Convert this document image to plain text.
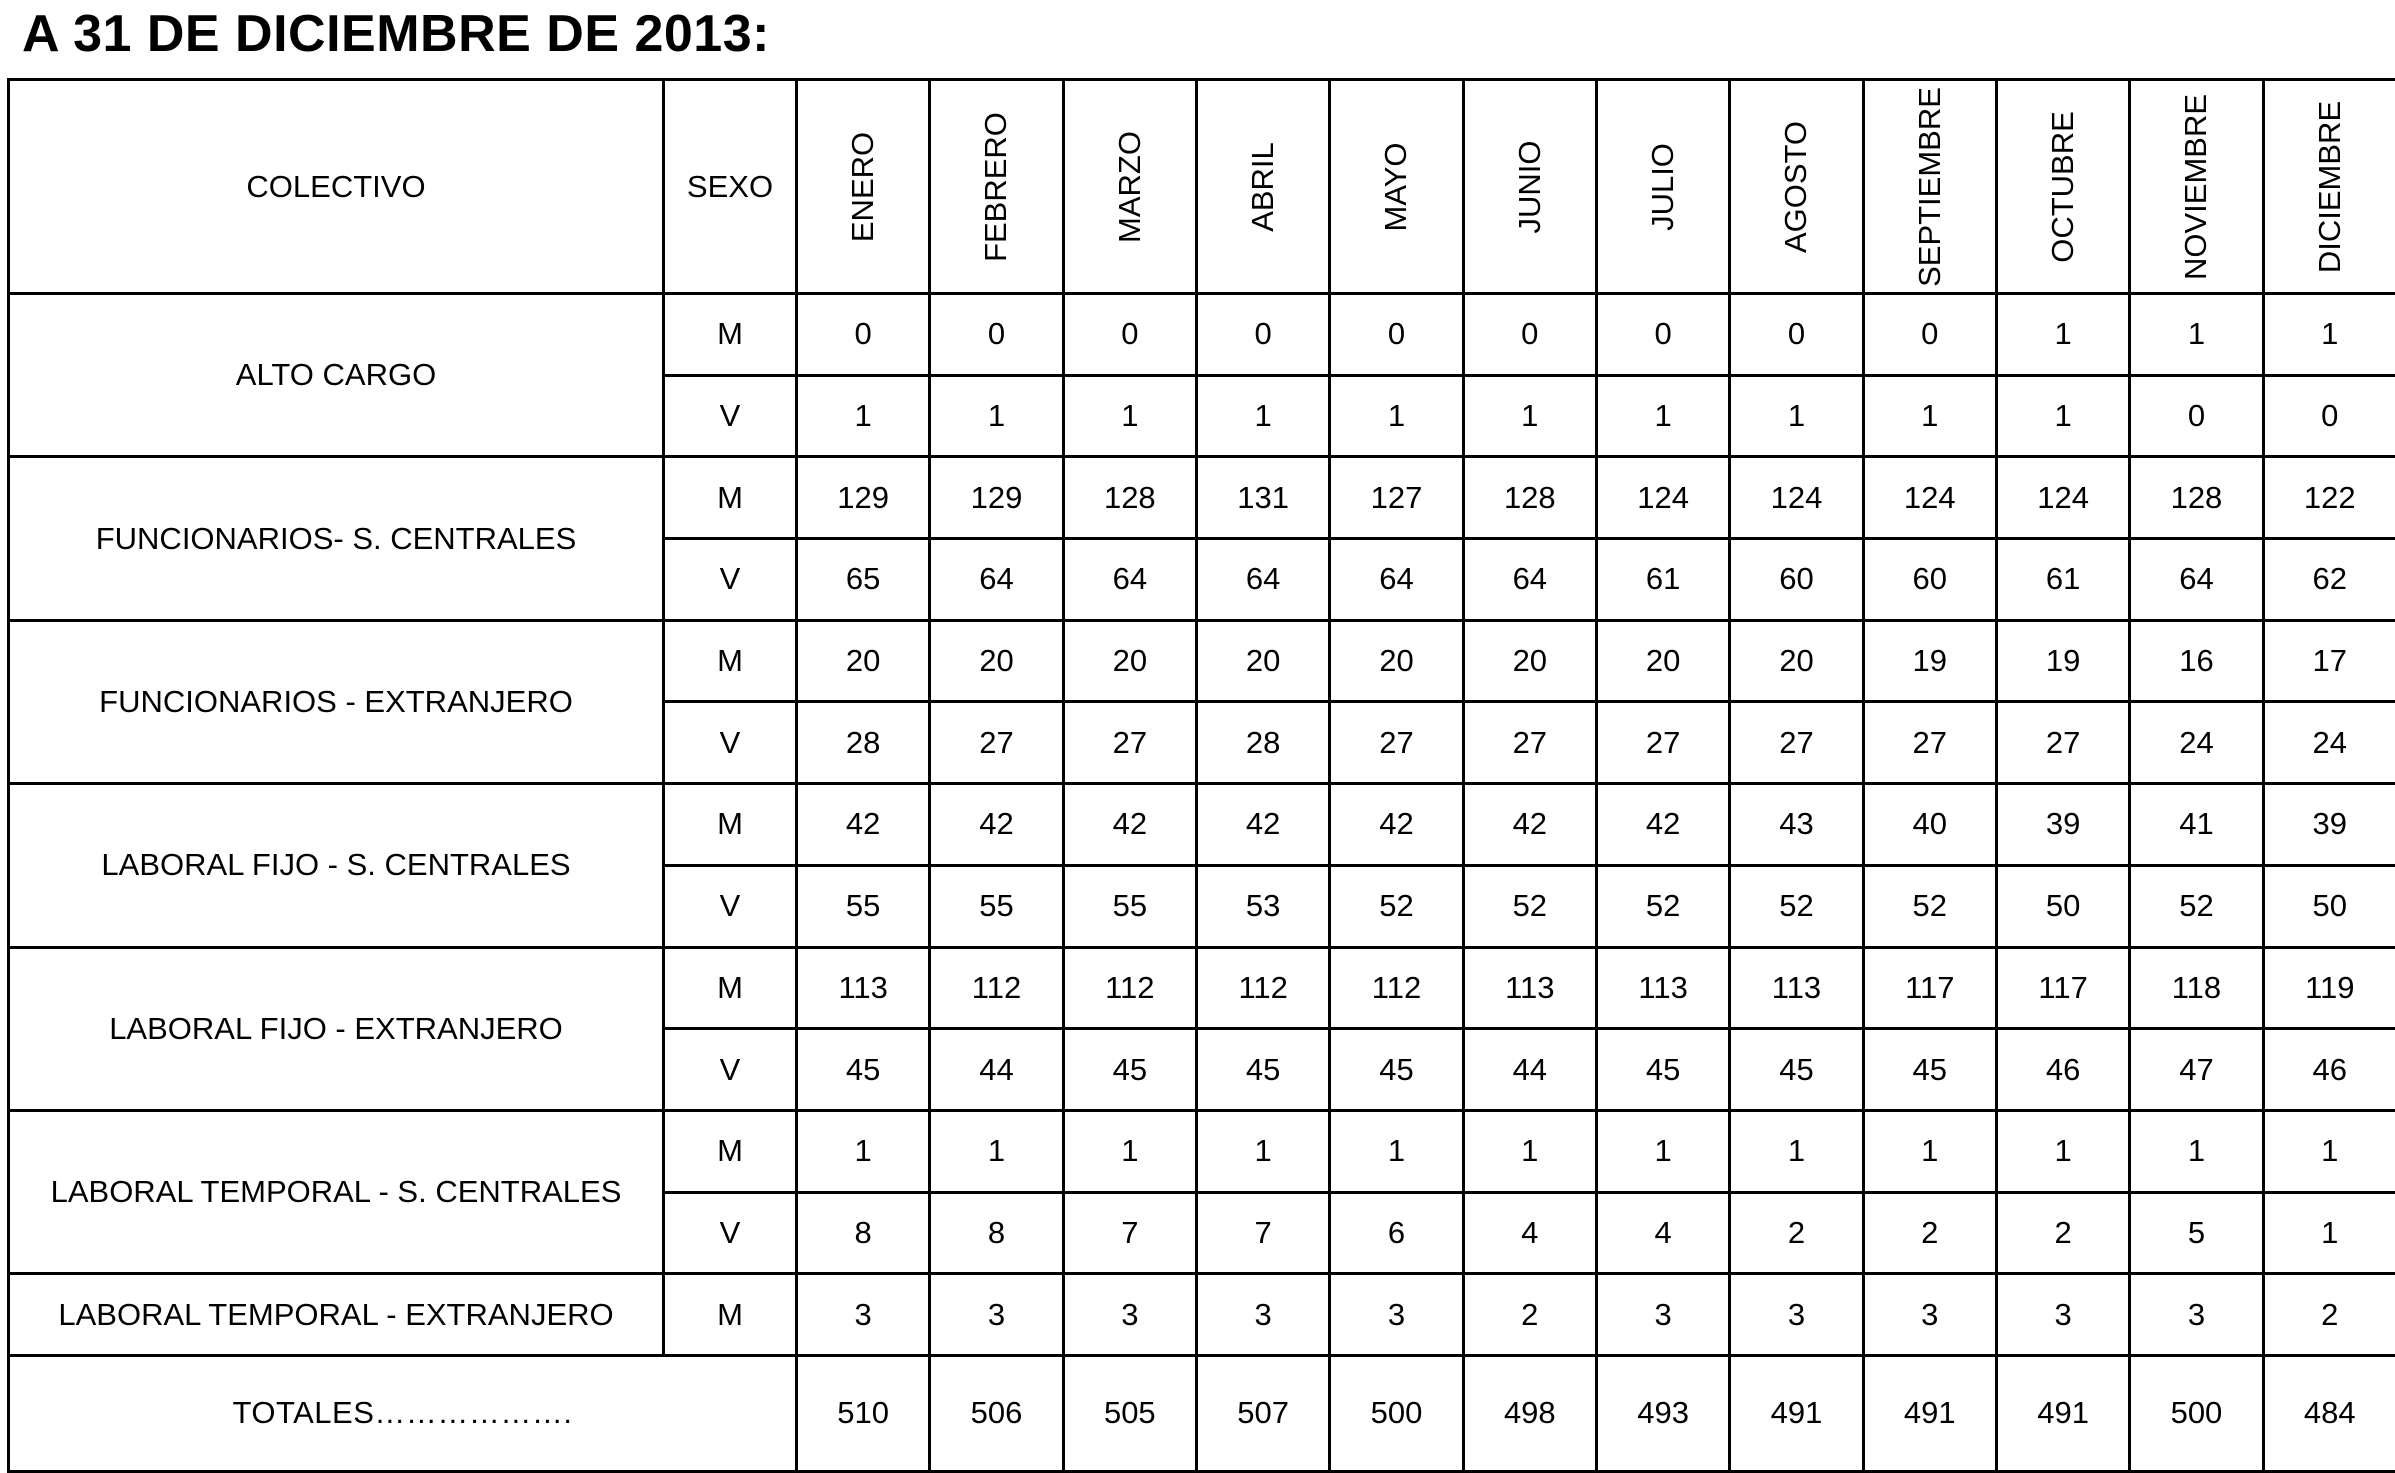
A 31 DE DICIEMBRE DE 2013:
COLECTIVO	SEXO	ENERO	FEBRERO	MARZO	ABRIL	MAYO	JUNIO	JULIO	AGOSTO	SEPTIEMBRE	OCTUBRE	NOVIEMBRE	DICIEMBRE

ALTO CARGO	M	0	0	0	0	0	0	0	0	0	1	1	1
	V	1	1	1	1	1	1	1	1	1	1	0	0
FUNCIONARIOS- S. CENTRALES	M	129	129	128	131	127	128	124	124	124	124	128	122
	V	65	64	64	64	64	64	61	60	60	61	64	62
FUNCIONARIOS - EXTRANJERO	M	20	20	20	20	20	20	20	20	19	19	16	17
	V	28	27	27	28	27	27	27	27	27	27	24	24
LABORAL FIJO - S. CENTRALES	M	42	42	42	42	42	42	42	43	40	39	41	39
	V	55	55	55	53	52	52	52	52	52	50	52	50
LABORAL FIJO - EXTRANJERO	M	113	112	112	112	112	113	113	113	117	117	118	119
	V	45	44	45	45	45	44	45	45	45	46	47	46
LABORAL TEMPORAL - S. CENTRALES	M	1	1	1	1	1	1	1	1	1	1	1	1
	V	8	8	7	7	6	4	4	2	2	2	5	1
LABORAL TEMPORAL - EXTRANJERO	M	3	3	3	3	3	2	3	3	3	3	3	2
TOTALES……………….		510	506	505	507	500	498	493	491	491	491	500	484
